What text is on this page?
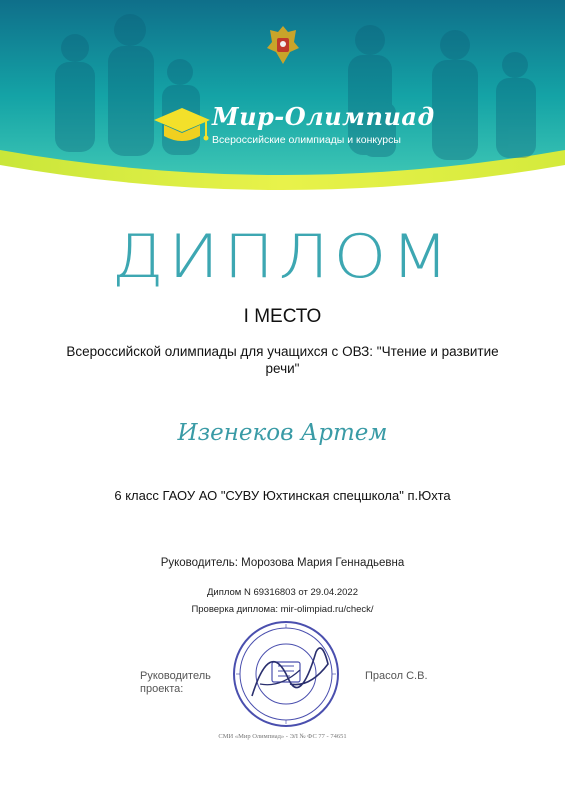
Мир-Олимпиад
Всероссийские олимпиады и конкурсы
ДИПЛОМ
I МЕСТО
Всероссийской олимпиады для учащихся с ОВЗ: "Чтение и развитие
речи"
Изенеков Артем
6 класс ГАОУ АО "СУВУ Юхтинская спецшкола" п.Юхта
Руководитель: Морозова Мария Геннадьевна
Диплом N 69316803 от 29.04.2022
Проверка диплома: mir-olimpiad.ru/check/
Руководитель
проекта:
Прасол С.В.
СМИ «Мир Олимпиад» - ЭЛ № ФС 77 - 74651
